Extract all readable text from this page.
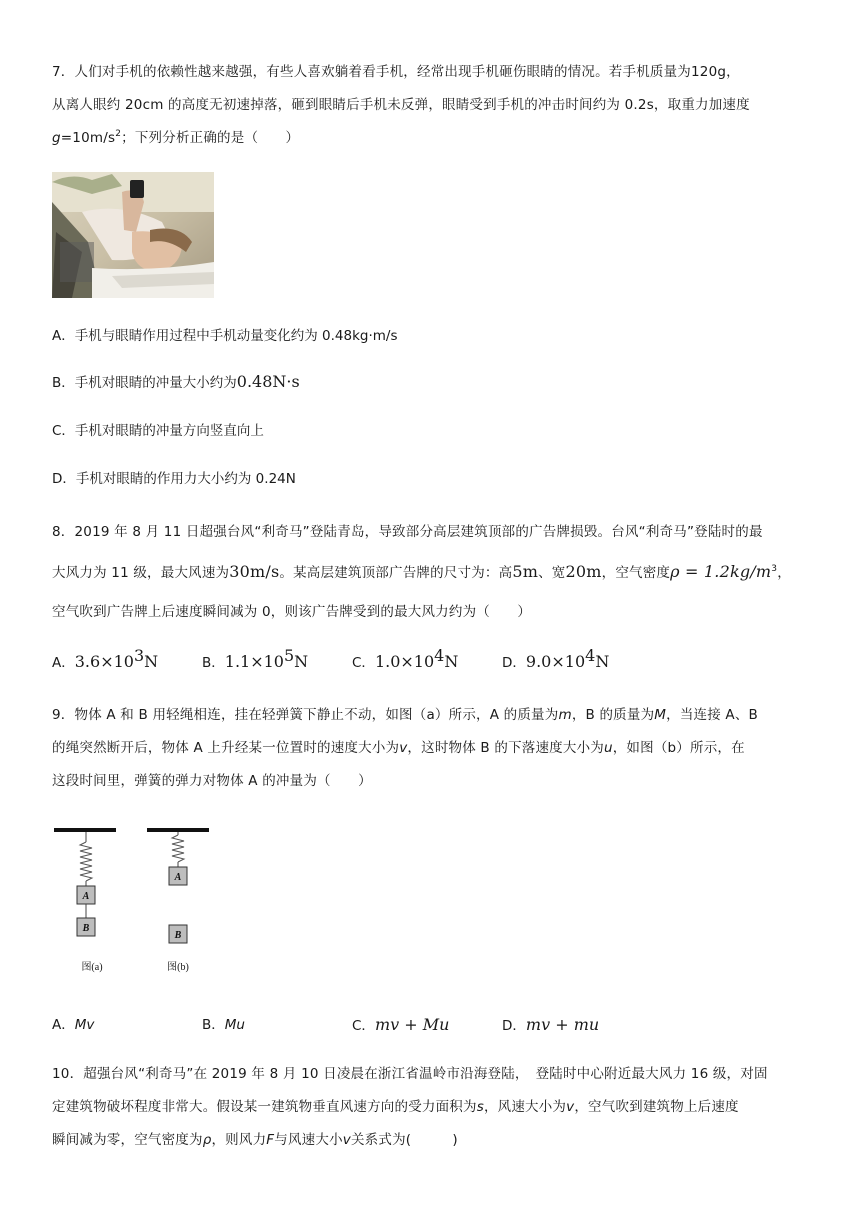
7．人们对手机的依赖性越来越强，有些人喜欢躺着看手机，经常出现手机砸伤眼睛的情况。若手机质量为120g，
从离人眼约 20cm 的高度无初速掉落，砸到眼睛后手机未反弹，眼睛受到手机的冲击时间约为 0.2s，取重力加速度
$g=10m/s^2$；下列分析正确的是（　　）
A．手机与眼睛作用过程中手机动量变化约为 0.48kg·m/s
B．手机对眼睛的冲量大小约为0.48N·s
C．手机对眼睛的冲量方向竖直向上
D．手机对眼睛的作用力大小约为 0.24N
8．2019 年 8 月 11 日超强台风“利奇马”登陆青岛，导致部分高层建筑顶部的广告牌损毁。台风“利奇马”登陆时的最
大风力为 11 级，最大风速为30m/s。某高层建筑顶部广告牌的尺寸为：高5m、宽20m，空气密度$\rho = 1.2kg/m^3$，
空气吹到广告牌上后速度瞬间减为 0，则该广告牌受到的最大风力约为（　　）
A．$3.6\times 10^3N$	B．$1.1\times 10^5N$	C．$1.0\times 10^4N$	D．$9.0\times 10^4N$
9．物体 A 和 B 用轻绳相连，挂在轻弹簧下静止不动，如图（a）所示，A 的质量为m，B 的质量为M，当连接 A、B
的绳突然断开后，物体 A 上升经某一位置时的速度大小为v，这时物体 B 的下落速度大小为u，如图（b）所示，在
这段时间里，弹簧的弹力对物体 A 的冲量为（　　）
A
B
图(a)
A
B
图(b)
A．Mv	B．Mu	C．mv + Mu	D．mv + mu
10．超强台风“利奇马”在 2019 年 8 月 10 日凌晨在浙江省温岭市沿海登陆，　登陆时中心附近最大风力 16 级，对固
定建筑物破坏程度非常大。假设某一建筑物垂直风速方向的受力面积为s，风速大小为v，空气吹到建筑物上后速度
瞬间减为零，空气密度为ρ，则风力F与风速大小v关系式为(　　　)
